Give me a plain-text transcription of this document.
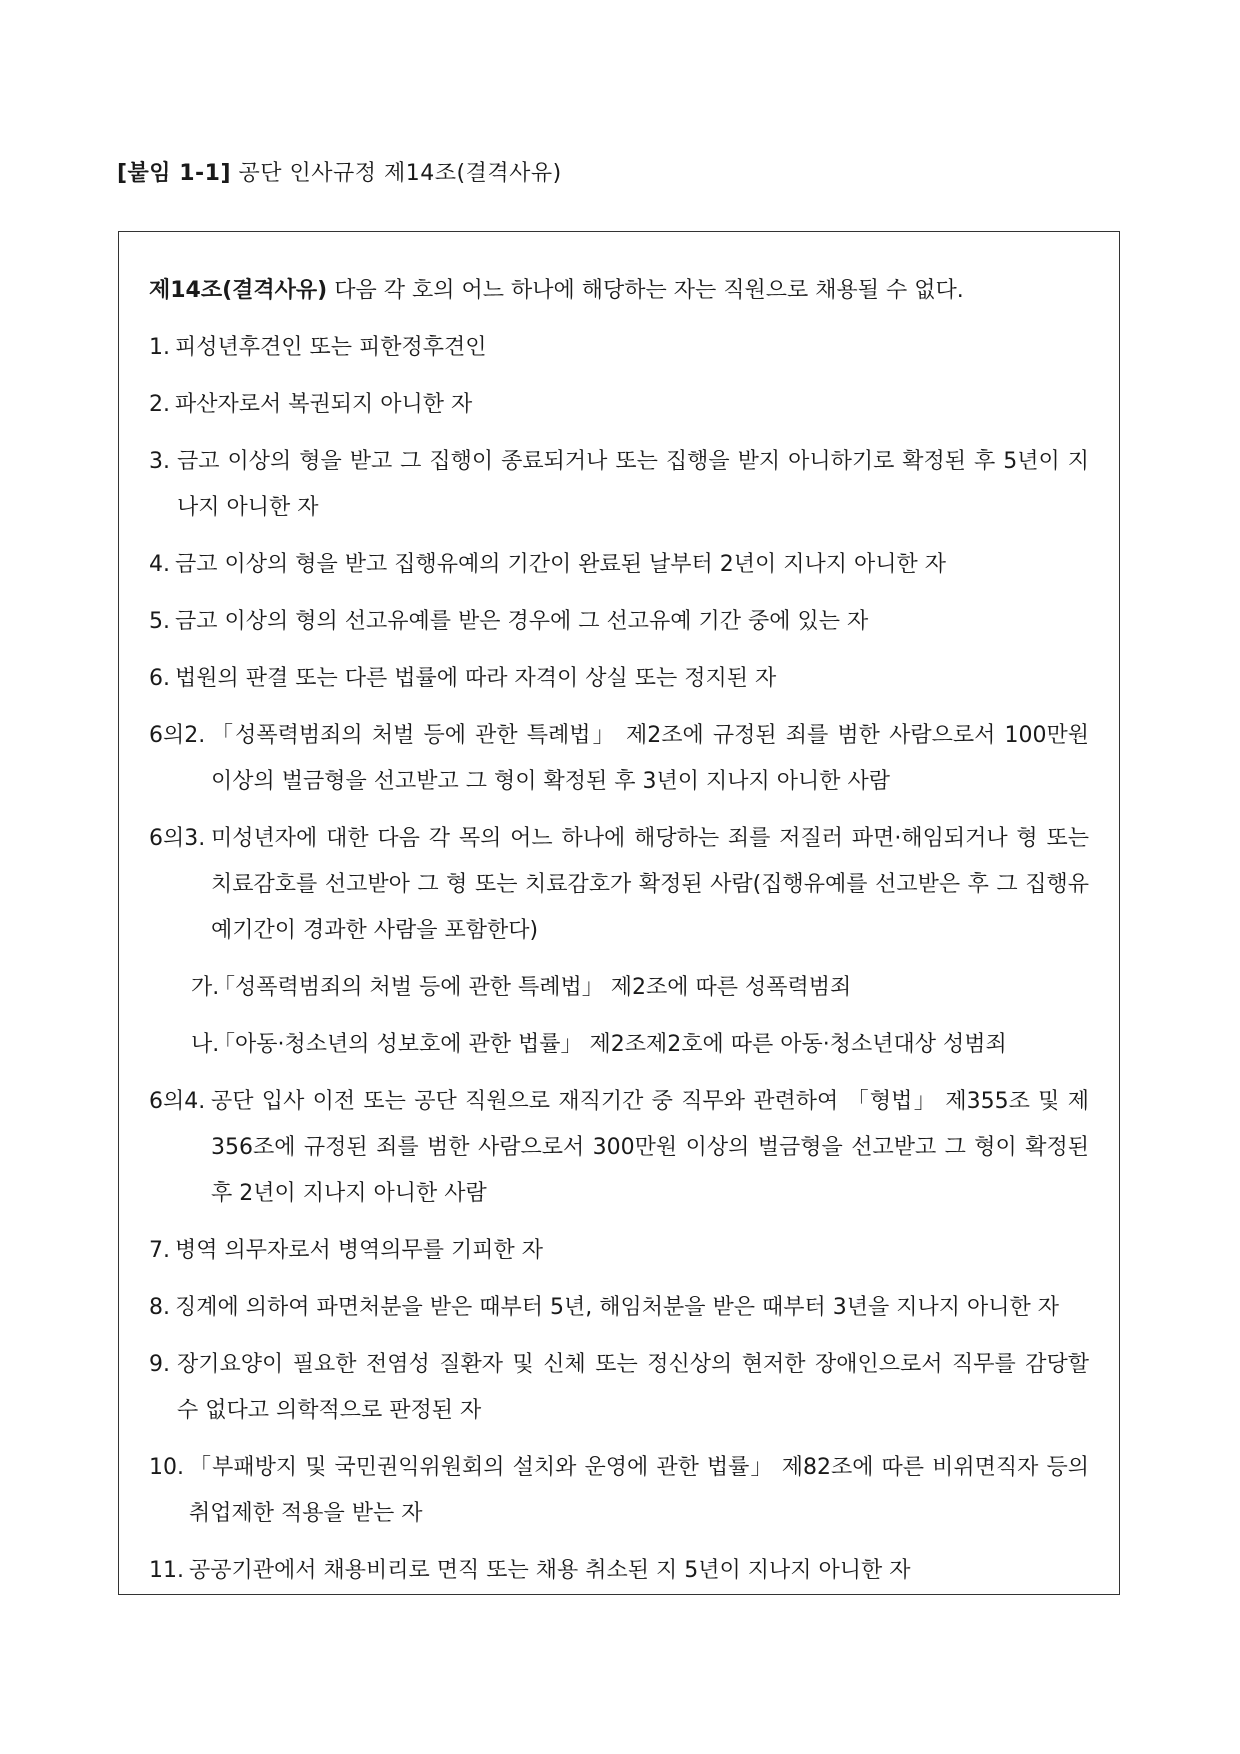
[붙임 1-1] 공단 인사규정 제14조(결격사유)
제14조(결격사유) 다음 각 호의 어느 하나에 해당하는 자는 직원으로 채용될 수 없다.
1. 피성년후견인 또는 피한정후견인
2. 파산자로서 복권되지 아니한 자
3. 금고 이상의 형을 받고 그 집행이 종료되거나 또는 집행을 받지 아니하기로 확정된 후 5년이 지나지 아니한 자
4. 금고 이상의 형을 받고 집행유예의 기간이 완료된 날부터 2년이 지나지 아니한 자
5. 금고 이상의 형의 선고유예를 받은 경우에 그 선고유예 기간 중에 있는 자
6. 법원의 판결 또는 다른 법률에 따라 자격이 상실 또는 정지된 자
6의2. 「성폭력범죄의 처벌 등에 관한 특례법」 제2조에 규정된 죄를 범한 사람으로서 100만원 이상의 벌금형을 선고받고 그 형이 확정된 후 3년이 지나지 아니한 사람
6의3. 미성년자에 대한 다음 각 목의 어느 하나에 해당하는 죄를 저질러 파면·해임되거나 형 또는 치료감호를 선고받아 그 형 또는 치료감호가 확정된 사람(집행유예를 선고받은 후 그 집행유예기간이 경과한 사람을 포함한다)
가.
「성폭력범죄의 처벌 등에 관한 특례법」 제2조에 따른 성폭력범죄
나.
「아동·청소년의 성보호에 관한 법률」 제2조제2호에 따른 아동·청소년대상 성범죄
6의4. 공단 입사 이전 또는 공단 직원으로 재직기간 중 직무와 관련하여 「형법」 제355조 및 제356조에 규정된 죄를 범한 사람으로서 300만원 이상의 벌금형을 선고받고 그 형이 확정된 후 2년이 지나지 아니한 사람
7. 병역 의무자로서 병역의무를 기피한 자
8. 징계에 의하여 파면처분을 받은 때부터 5년, 해임처분을 받은 때부터 3년을 지나지 아니한 자
9. 장기요양이 필요한 전염성 질환자 및 신체 또는 정신상의 현저한 장애인으로서 직무를 감당할 수 없다고 의학적으로 판정된 자
10. 「부패방지 및 국민권익위원회의 설치와 운영에 관한 법률」 제82조에 따른 비위면직자 등의 취업제한 적용을 받는 자
11. 공공기관에서 채용비리로 면직 또는 채용 취소된 지 5년이 지나지 아니한 자
